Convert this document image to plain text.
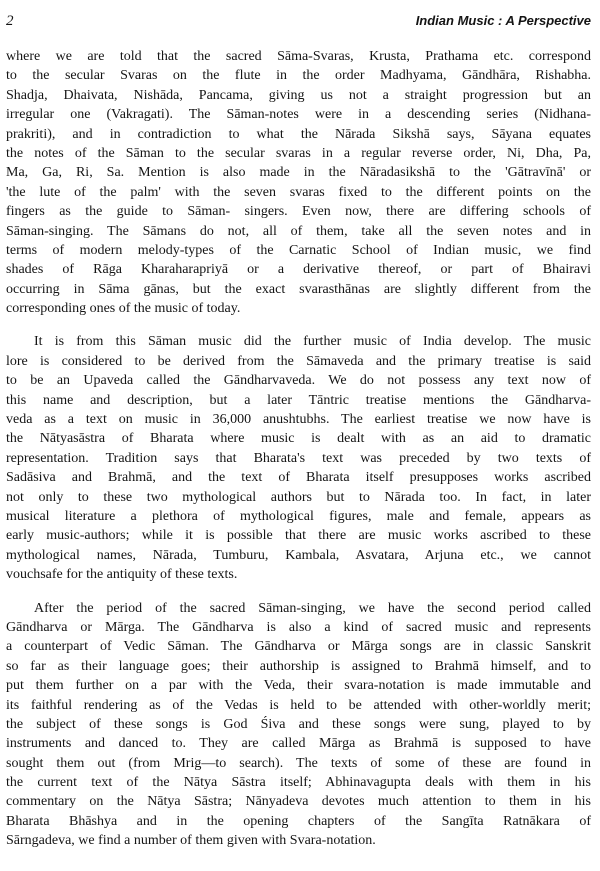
2	Indian Music : A Perspective
where we are told that the sacred Sāma-Svaras, Krusta, Prathama etc. correspond
to the secular Svaras on the flute in the order Madhyama, Gāndhāra, Rishabha.
Shadja, Dhaivata, Nishāda, Pancama, giving us not a straight progression but an
irregular one (Vakragati). The Sāman-notes were in a descending series (Nidhana-
prakriti), and in contradiction to what the Nārada Sikshā says, Sāyana equates
the notes of the Sāman to the secular svaras in a regular reverse order, Ni, Dha, Pa,
Ma, Ga, Ri, Sa. Mention is also made in the Nāradasikshā to the 'Gātravīnā' or
'the lute of the palm' with the seven svaras fixed to the different points on the
fingers as the guide to Sāman- singers. Even now, there are differing schools of
Sāman-singing. The Sāmans do not, all of them, take all the seven notes and in
terms of modern melody-types of the Carnatic School of Indian music, we find
shades of Rāga Kharaharapriyā or a derivative thereof, or part of Bhairavi
occurring in Sāma gānas, but the exact svarasthānas are slightly different from the
corresponding ones of the music of today.
It is from this Sāman music did the further music of India develop. The music
lore is considered to be derived from the Sāmaveda and the primary treatise is said
to be an Upaveda called the Gāndharvaveda. We do not possess any text now of
this name and description, but a later Tāntric treatise mentions the Gāndharva-
veda as a text on music in 36,000 anushtubhs. The earliest treatise we now have is
the Nātyasāstra of Bharata where music is dealt with as an aid to dramatic
representation. Tradition says that Bharata's text was preceded by two texts of
Sadāsiva and Brahmā, and the text of Bharata itself presupposes works ascribed
not only to these two mythological authors but to Nārada too. In fact, in later
musical literature a plethora of mythological figures, male and female, appears as
early music-authors; while it is possible that there are music works ascribed to these
mythological names, Nārada, Tumburu, Kambala, Asvatara, Arjuna etc., we cannot
vouchsafe for the antiquity of these texts.
After the period of the sacred Sāman-singing, we have the second period called
Gāndharva or Mārga. The Gāndharva is also a kind of sacred music and represents
a counterpart of Vedic Sāman. The Gāndharva or Mārga songs are in classic Sanskrit
so far as their language goes; their authorship is assigned to Brahmā himself, and to
put them further on a par with the Veda, their svara-notation is made immutable and
its faithful rendering as of the Vedas is held to be attended with other-worldly merit;
the subject of these songs is God Śiva and these songs were sung, played to by
instruments and danced to. They are called Mārga as Brahmā is supposed to have
sought them out (from Mrig—to search). The texts of some of these are found in
the current text of the Nātya Sāstra itself; Abhinavagupta deals with them in his
commentary on the Nātya Sāstra; Nānyadeva devotes much attention to them in his
Bharata Bhāshya and in the opening chapters of the Sangīta Ratnākara of
Sārngadeva, we find a number of them given with Svara-notation.
